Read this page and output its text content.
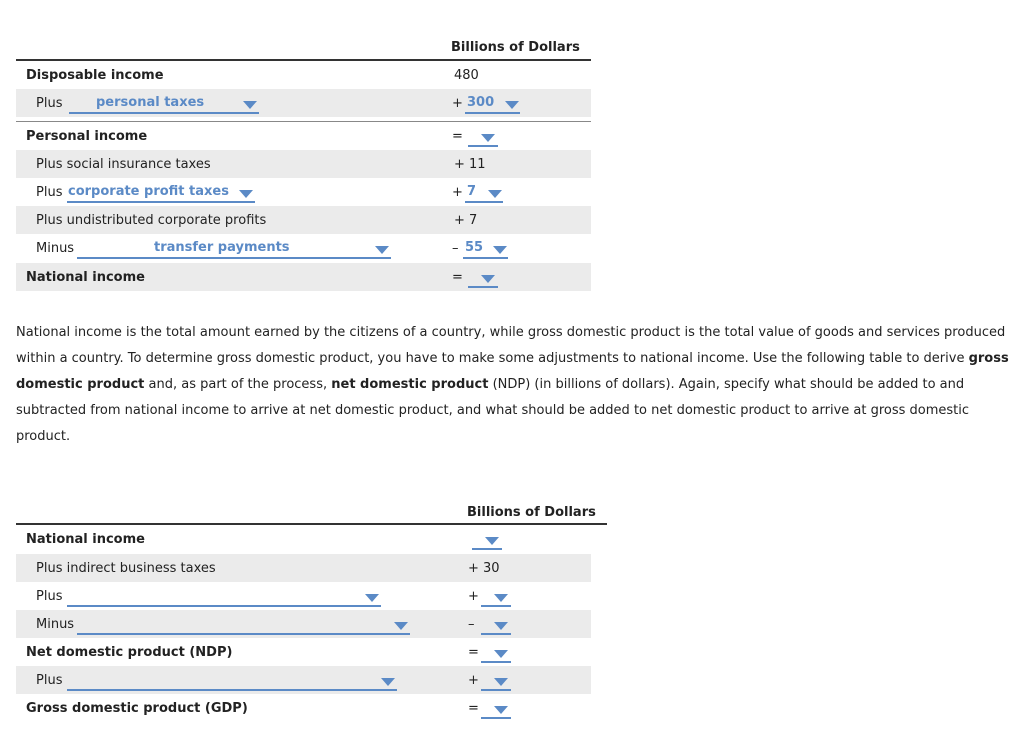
Billions of Dollars
Disposable income	480
Plus	personal taxes	+ 300
Personal income	=
Plus social insurance taxes	+ 11
Plus corporate profit taxes	+ 7
Plus undistributed corporate profits	+ 7
Minus	transfer payments	– 55
National income	=
National income is the total amount earned by the citizens of a country, while gross domestic product is the total value of goods and services produced within a country. To determine gross domestic product, you have to make some adjustments to national income. Use the following table to derive gross domestic product and, as part of the process, net domestic product (NDP) (in billions of dollars). Again, specify what should be added to and subtracted from national income to arrive at net domestic product, and what should be added to net domestic product to arrive at gross domestic product.
Billions of Dollars
National income
Plus indirect business taxes	+ 30
Plus	+
Minus	–
Net domestic product (NDP)	=
Plus	+
Gross domestic product (GDP)	=
